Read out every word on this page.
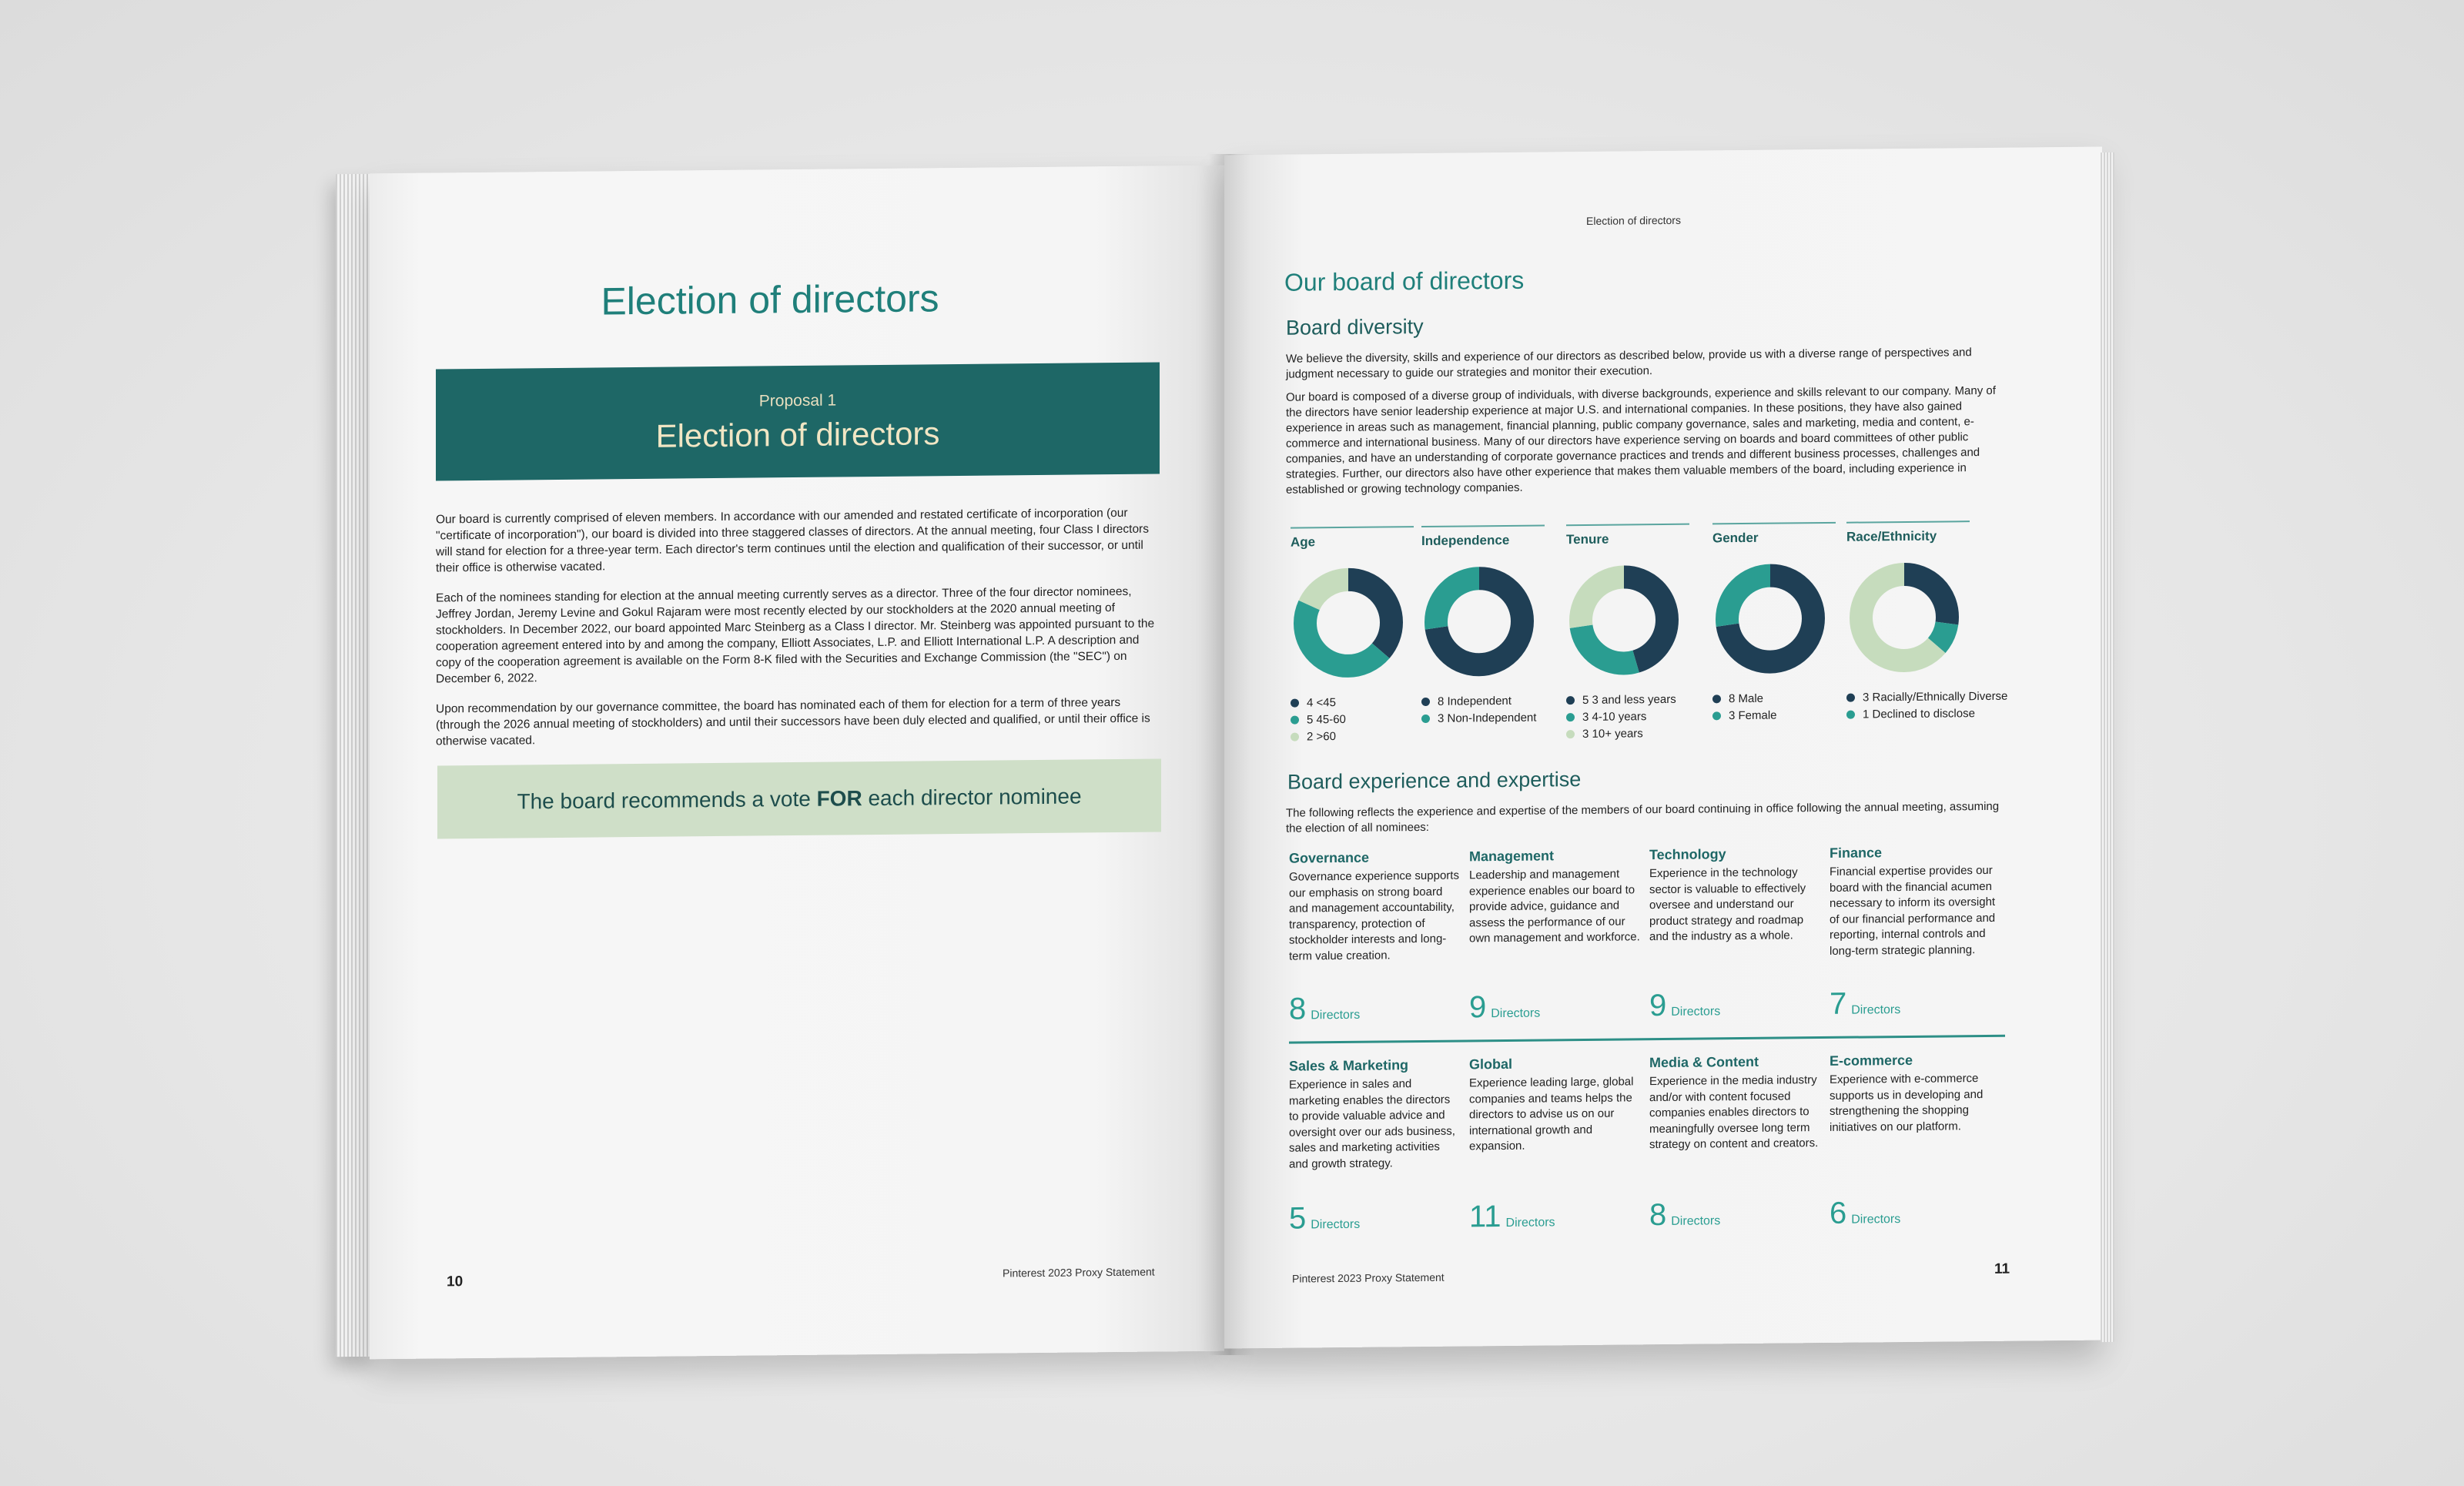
Election of directors
Proposal 1
Election of directors

Our board is currently comprised of eleven members. In accordance with our amended and restated certificate of incorporation (our "certificate of incorporation"), our board is divided into three staggered classes of directors. At the annual meeting, four Class I directors will stand for election for a three-year term. Each director's term continues until the election and qualification of their successor, or until their office is otherwise vacated.

Each of the nominees standing for election at the annual meeting currently serves as a director. Three of the four director nominees, Jeffrey Jordan, Jeremy Levine and Gokul Rajaram were most recently elected by our stockholders at the 2020 annual meeting of stockholders. In December 2022, our board appointed Marc Steinberg as a Class I director. Mr. Steinberg was appointed pursuant to the cooperation agreement entered into by and among the company, Elliott Associates, L.P. and Elliott International L.P. A description and copy of the cooperation agreement is available on the Form 8-K filed with the Securities and Exchange Commission (the "SEC") on December 6, 2022.

Upon recommendation by our governance committee, the board has nominated each of them for election for a term of three years (through the 2026 annual meeting of stockholders) and until their successors have been duly elected and qualified, or until their office is otherwise vacated.

The board recommends a vote FOR each director nominee
10
Pinterest 2023 Proxy Statement
Election of directors
Our board of directors
Board diversity

We believe the diversity, skills and experience of our directors as described below, provide us with a diverse range of perspectives and judgment necessary to guide our strategies and monitor their execution.

Our board is composed of a diverse group of individuals, with diverse backgrounds, experience and skills relevant to our company. Many of the directors have senior leadership experience at major U.S. and international companies. In these positions, they have also gained experience in areas such as management, financial planning, public company governance, sales and marketing, media and content, e-commerce and international business. Many of our directors have experience serving on boards and board committees of other public companies, and have an understanding of corporate governance practices and trends and different business processes, challenges and strategies. Further, our directors also have other experience that makes them valuable members of the board, including experience in established or growing technology companies.

Age
4 <45
5 45-60
2 >60
Independence
8 Independent
3 Non-Independent
Tenure
5 3 and less years
3 4-10 years
3 10+ years
Gender
8 Male
3 Female
Race/Ethnicity
3 Racially/Ethnically Diverse
1 Declined to disclose
Board experience and expertise

The following reflects the experience and expertise of the members of our board continuing in office following the annual meeting, assuming the election of all nominees:

Governance

Governance experience supports our emphasis on strong board and management accountability, transparency, protection of stockholder interests and long-term value creation.

8 Directors
Management

Leadership and management experience enables our board to provide advice, guidance and assess the performance of our own management and workforce.

9 Directors
Technology

Experience in the technology sector is valuable to effectively oversee and understand our product strategy and roadmap and the industry as a whole.

9 Directors
Finance

Financial expertise provides our board with the financial acumen necessary to inform its oversight of our financial performance and reporting, internal controls and long-term strategic planning.

7 Directors
Sales & Marketing

Experience in sales and marketing enables the directors to provide valuable advice and oversight over our ads business, sales and marketing activities and growth strategy.

5 Directors
Global

Experience leading large, global companies and teams helps the directors to advise us on our international growth and expansion.

11 Directors
Media & Content

Experience in the media industry and/or with content focused companies enables directors to meaningfully oversee long term strategy on content and creators.

8 Directors
E-commerce

Experience with e-commerce supports us in developing and strengthening the shopping initiatives on our platform.

6 Directors
Pinterest 2023 Proxy Statement
11
